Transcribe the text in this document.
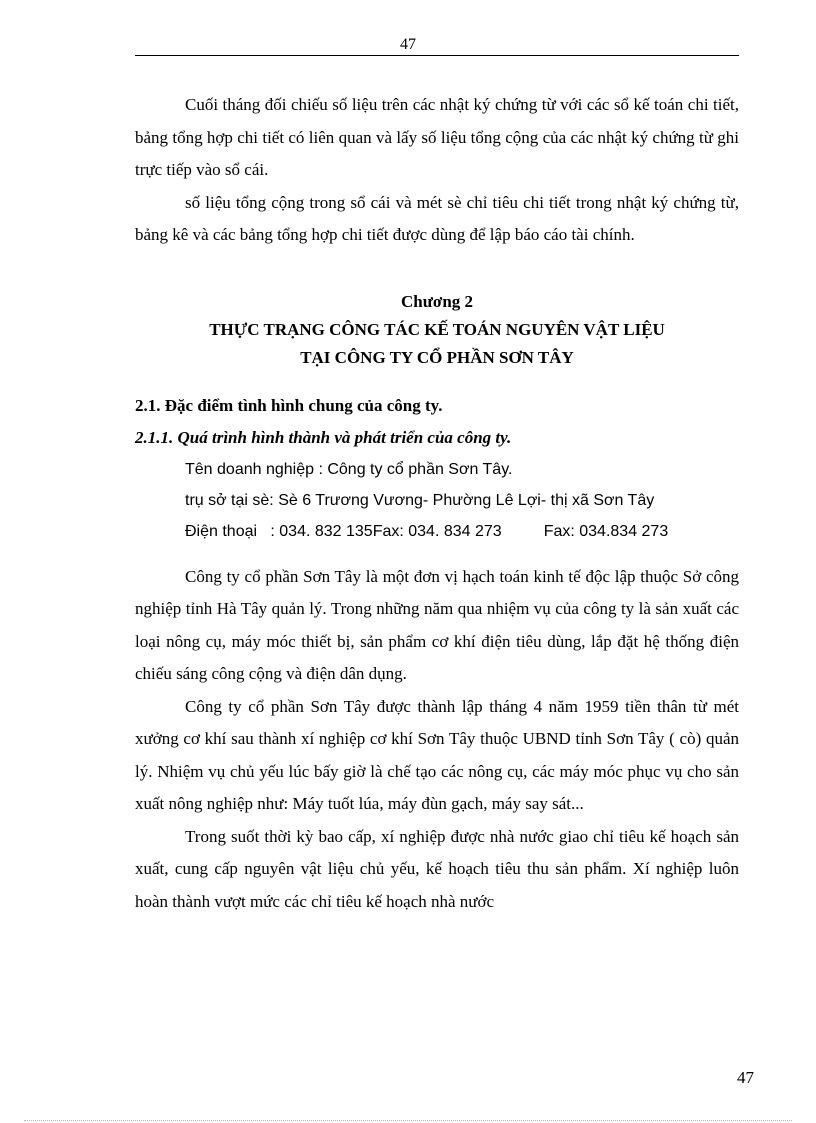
47

Cuối tháng đối chiếu số liệu trên các nhật ký chứng từ với các sổ kế toán chi tiết, bảng tổng hợp chi tiết có liên quan và lấy số liệu tổng cộng của các nhật ký chứng từ ghi trực tiếp vào sổ cái.

số liệu tổng cộng trong sổ cái và mét sè chỉ tiêu chi tiết trong nhật ký chứng từ, bảng kê và các bảng tổng hợp chi tiết được dùng để lập báo cáo tài chính.

Chương 2
THỰC TRẠNG CÔNG TÁC KẾ TOÁN NGUYÊN VẬT LIỆU
TẠI CÔNG TY CỔ PHẦN SƠN TÂY
2.1. Đặc điểm tình hình chung của công ty.
2.1.1. Quá trình hình thành và phát triển của công ty.
Tên doanh nghiệp : Công ty cổ phần Sơn Tây.
trụ sở tại sè: Sè 6 Trương Vương- Phường Lê Lợi- thị xã Sơn Tây
Điện thoại   : 034. 832 135Fax: 034. 834 273	Fax: 034.834 273

Công ty cổ phần Sơn Tây là một đơn vị hạch toán kinh tế độc lập thuộc Sở công nghiệp tỉnh Hà Tây quản lý. Trong những năm qua nhiệm vụ của công ty là sản xuất các loại nông cụ, máy móc thiết bị, sản phẩm cơ khí điện tiêu dùng, lắp đặt hệ thống điện chiếu sáng công cộng và điện dân dụng.

Công ty cổ phần Sơn Tây được thành lập tháng 4 năm 1959 tiền thân từ mét xưởng cơ khí sau thành xí nghiệp cơ khí Sơn Tây thuộc UBND tỉnh Sơn Tây ( cò) quản lý. Nhiệm vụ chủ yếu lúc bấy giờ là chế tạo các nông cụ, các máy móc phục vụ cho sản xuất nông nghiệp như: Máy tuốt lúa, máy đùn gạch, máy say sát...

Trong suốt thời kỳ bao cấp, xí nghiệp được nhà nước giao chỉ tiêu kế hoạch sản xuất, cung cấp nguyên vật liệu chủ yếu, kế hoạch tiêu thu sản phẩm. Xí nghiệp luôn hoàn thành vượt mức các chỉ tiêu kế hoạch nhà nước

47
